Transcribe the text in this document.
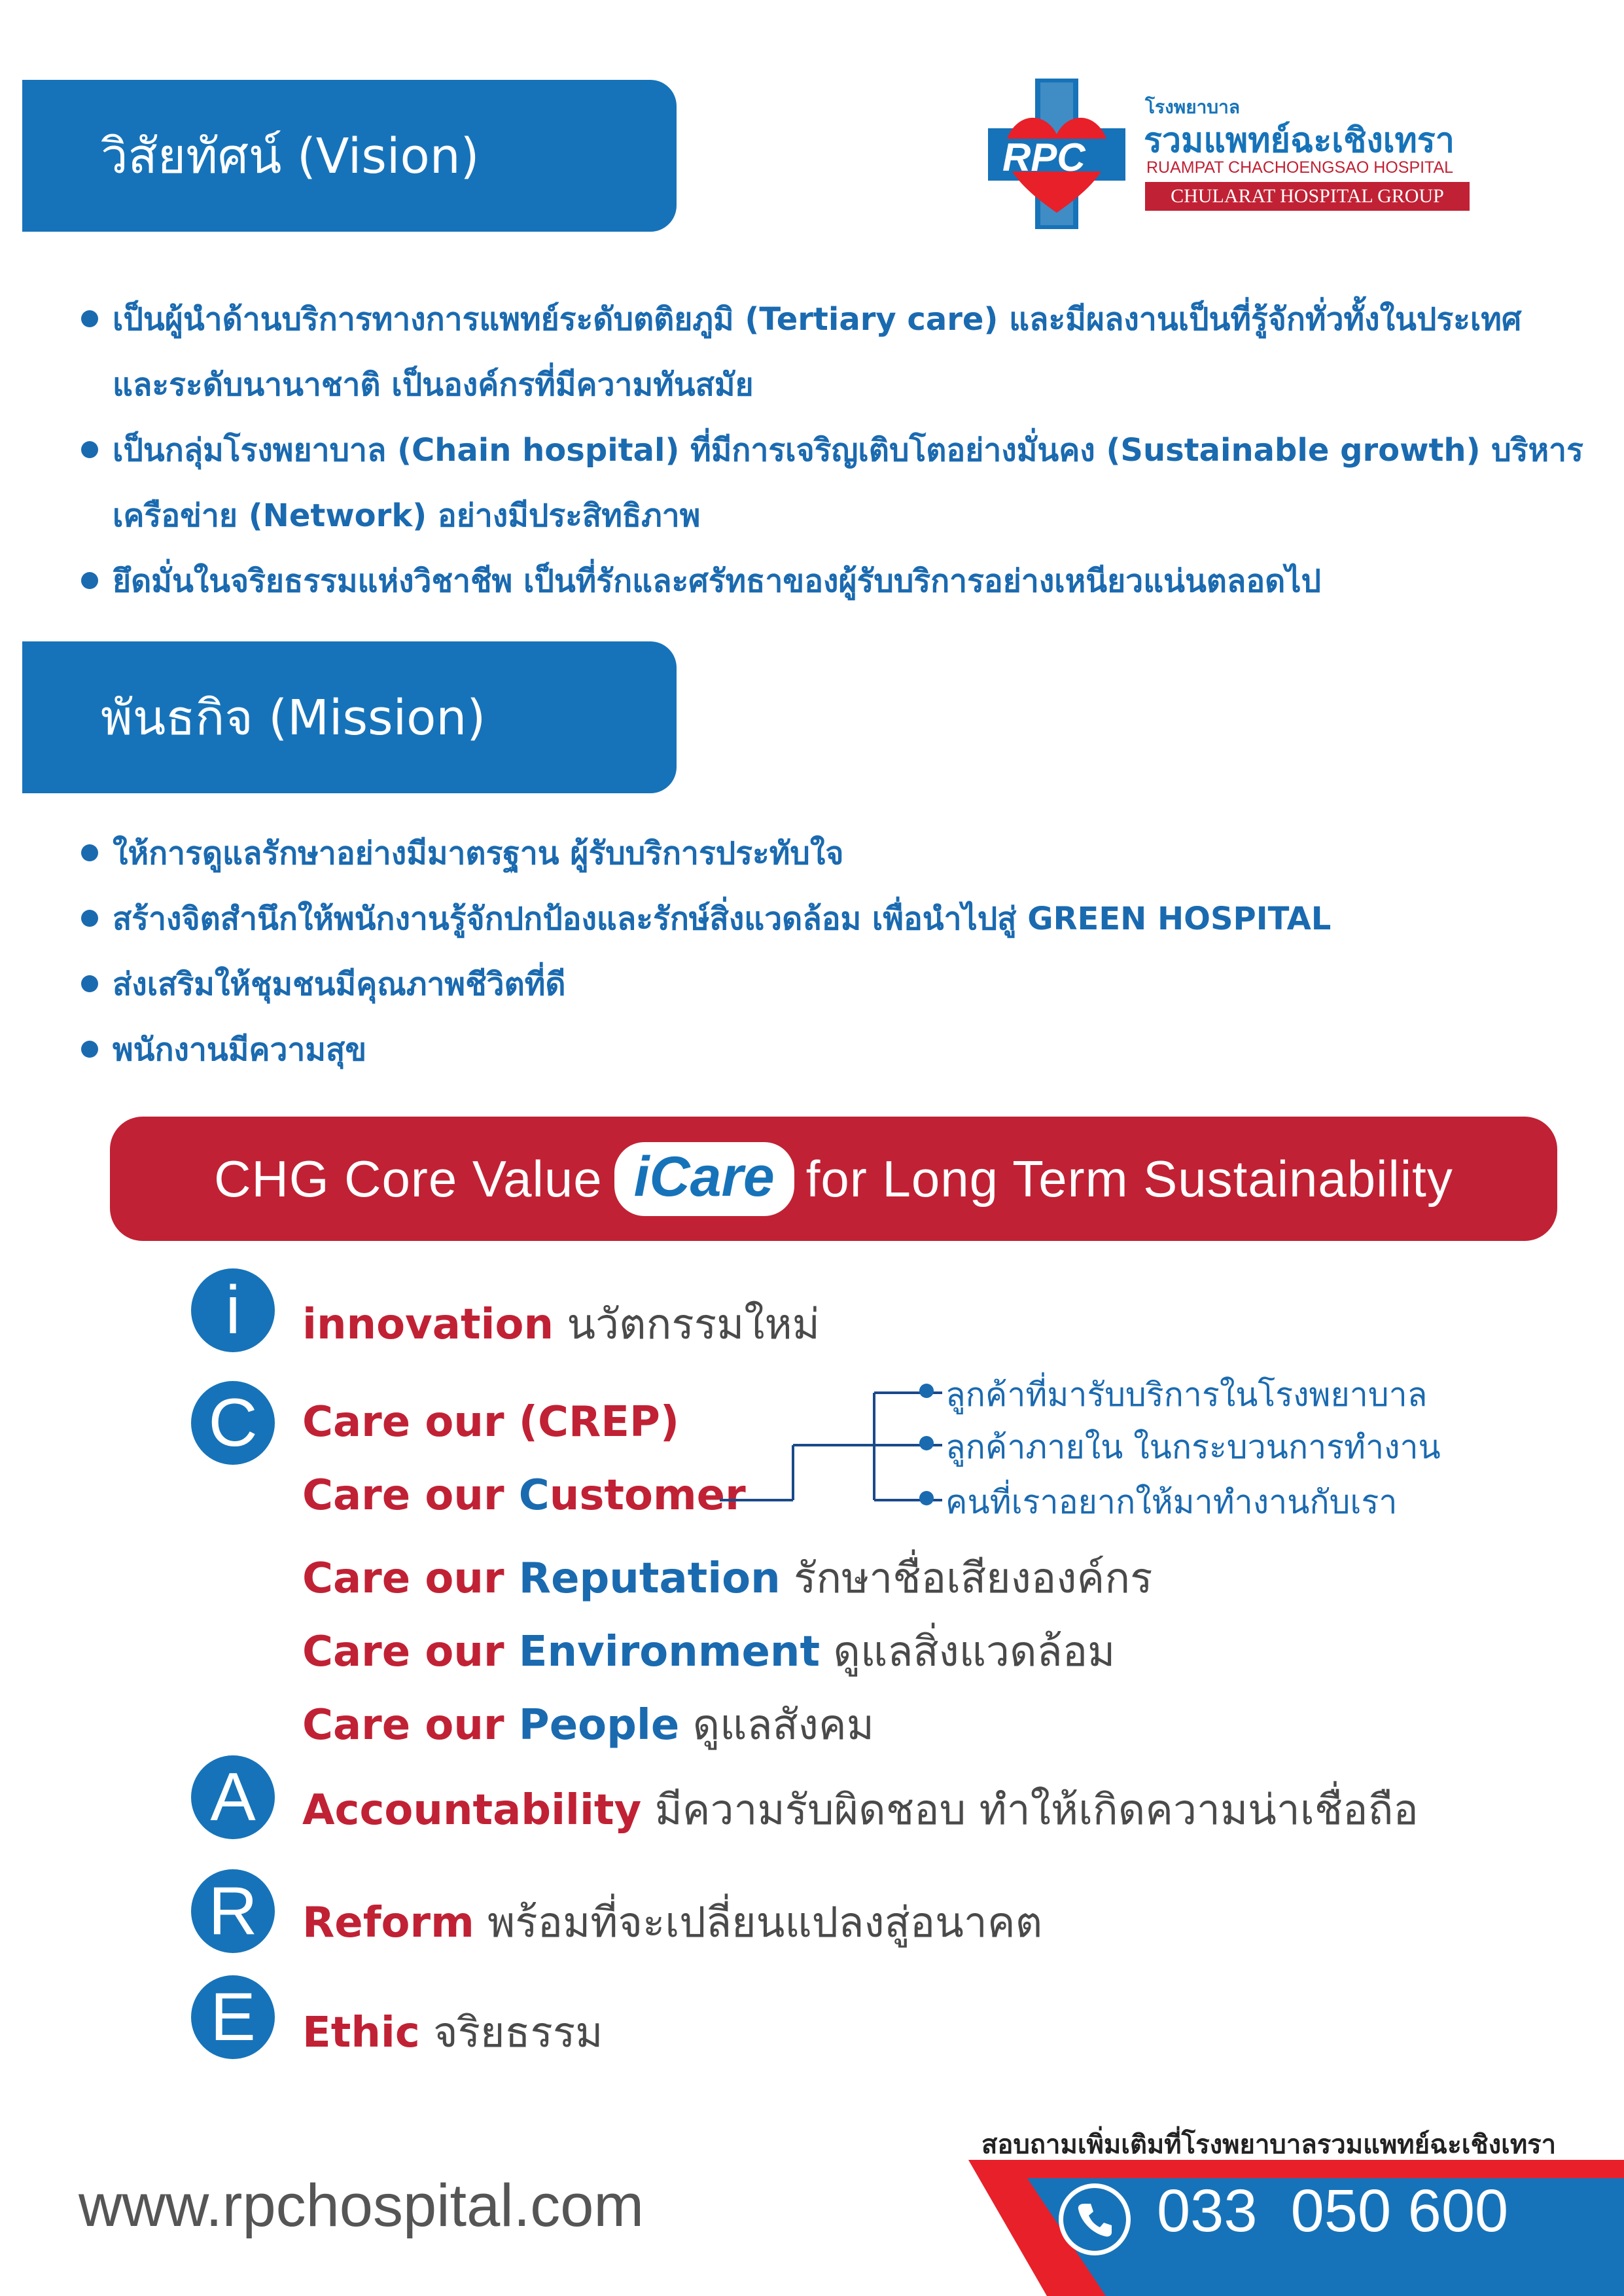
วิสัยทัศน์ (Vision)	RPC
โรงพยาบาล
รวมแพทย์ฉะเชิงเทรา
RUAMPAT CHACHOENGSAO HOSPITAL
CHULARAT HOSPITAL GROUP
เป็นผู้นำด้านบริการทางการแพทย์ระดับตติยภูมิ (Tertiary care) และมีผลงานเป็นที่รู้จักทั่วทั้งในประเทศ
และระดับนานาชาติ เป็นองค์กรที่มีความทันสมัย
เป็นกลุ่มโรงพยาบาล (Chain hospital) ที่มีการเจริญเติบโตอย่างมั่นคง (Sustainable growth) บริหาร
เครือข่าย (Network) อย่างมีประสิทธิภาพ
ยึดมั่นในจริยธรรมแห่งวิชาชีพ เป็นที่รักและศรัทธาของผู้รับบริการอย่างเหนียวแน่นตลอดไป
พันธกิจ (Mission)
ให้การดูแลรักษาอย่างมีมาตรฐาน ผู้รับบริการประทับใจ
สร้างจิตสำนึกให้พนักงานรู้จักปกป้องและรักษ์สิ่งแวดล้อม เพื่อนำไปสู่ GREEN HOSPITAL
ส่งเสริมให้ชุมชนมีคุณภาพชีวิตที่ดี
พนักงานมีความสุข
CHG Core Value iCare for Long Term Sustainability
i
C
A
R
E
innovation นวัตกรรมใหม่
Care our (CREP)
Care our Customer
ลูกค้าที่มารับบริการในโรงพยาบาล
ลูกค้าภายใน ในกระบวนการทำงาน
คนที่เราอยากให้มาทำงานกับเรา
Care our Reputation รักษาชื่อเสียงองค์กร
Care our Environment ดูแลสิ่งแวดล้อม
Care our People ดูแลสังคม
Accountability มีความรับผิดชอบ ทำให้เกิดความน่าเชื่อถือ
Reform พร้อมที่จะเปลี่ยนแปลงสู่อนาคต
Ethic จริยธรรม
www.rpchospital.com
สอบถามเพิ่มเติมที่โรงพยาบาลรวมแพทย์ฉะเชิงเทรา
033  050 600
